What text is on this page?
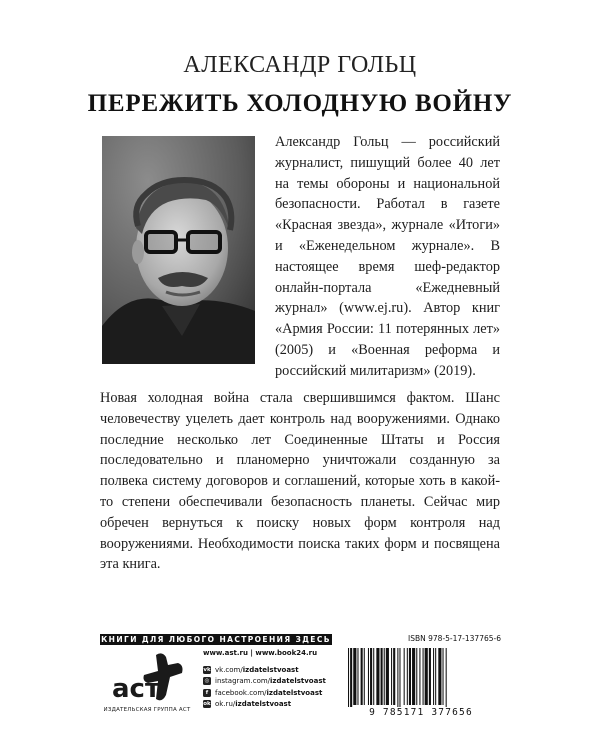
АЛЕКСАНДР ГОЛЬЦ
ПЕРЕЖИТЬ ХОЛОДНУЮ ВОЙНУ

Александр Гольц — российский журналист, пишущий более 40 лет на темы обороны и национальной безопасности. Работал в газете «Красная звезда», журнале «Итоги» и «Еженедельном журнале». В настоящее время шеф-редактор онлайн-портала «Ежедневный журнал» (www.ej.ru). Автор книг «Армия России: 11 потерянных лет» (2005) и «Военная реформа и российский милитаризм» (2019).

Новая холодная война стала свершившимся фактом. Шанс человечеству уцелеть дает контроль над вооружениями. Однако последние несколько лет Соединенные Штаты и Россия последовательно и планомерно уничтожали созданную за полвека систему договоров и соглашений, которые хоть в какой-то степени обеспечивали безопасность планеты. Сейчас мир обречен вернуться к поиску новых форм контроля над вооружениями. Необходимости поиска таких форм и посвящена эта книга.
КНИГИ ДЛЯ ЛЮБОГО НАСТРОЕНИЯ ЗДЕСЬ
аст
ИЗДАТЕЛЬСКАЯ ГРУППА АСТ
www.ast.ru | www.book24.ru
vk vk.com/ izdatelstvoast
◎ instagram.com/ izdatelstvoast
f facebook.com/ izdatelstvoast
ok ok.ru/ izdatelstvoast
ISBN 978-5-17-137765-6
9 785171 377656
